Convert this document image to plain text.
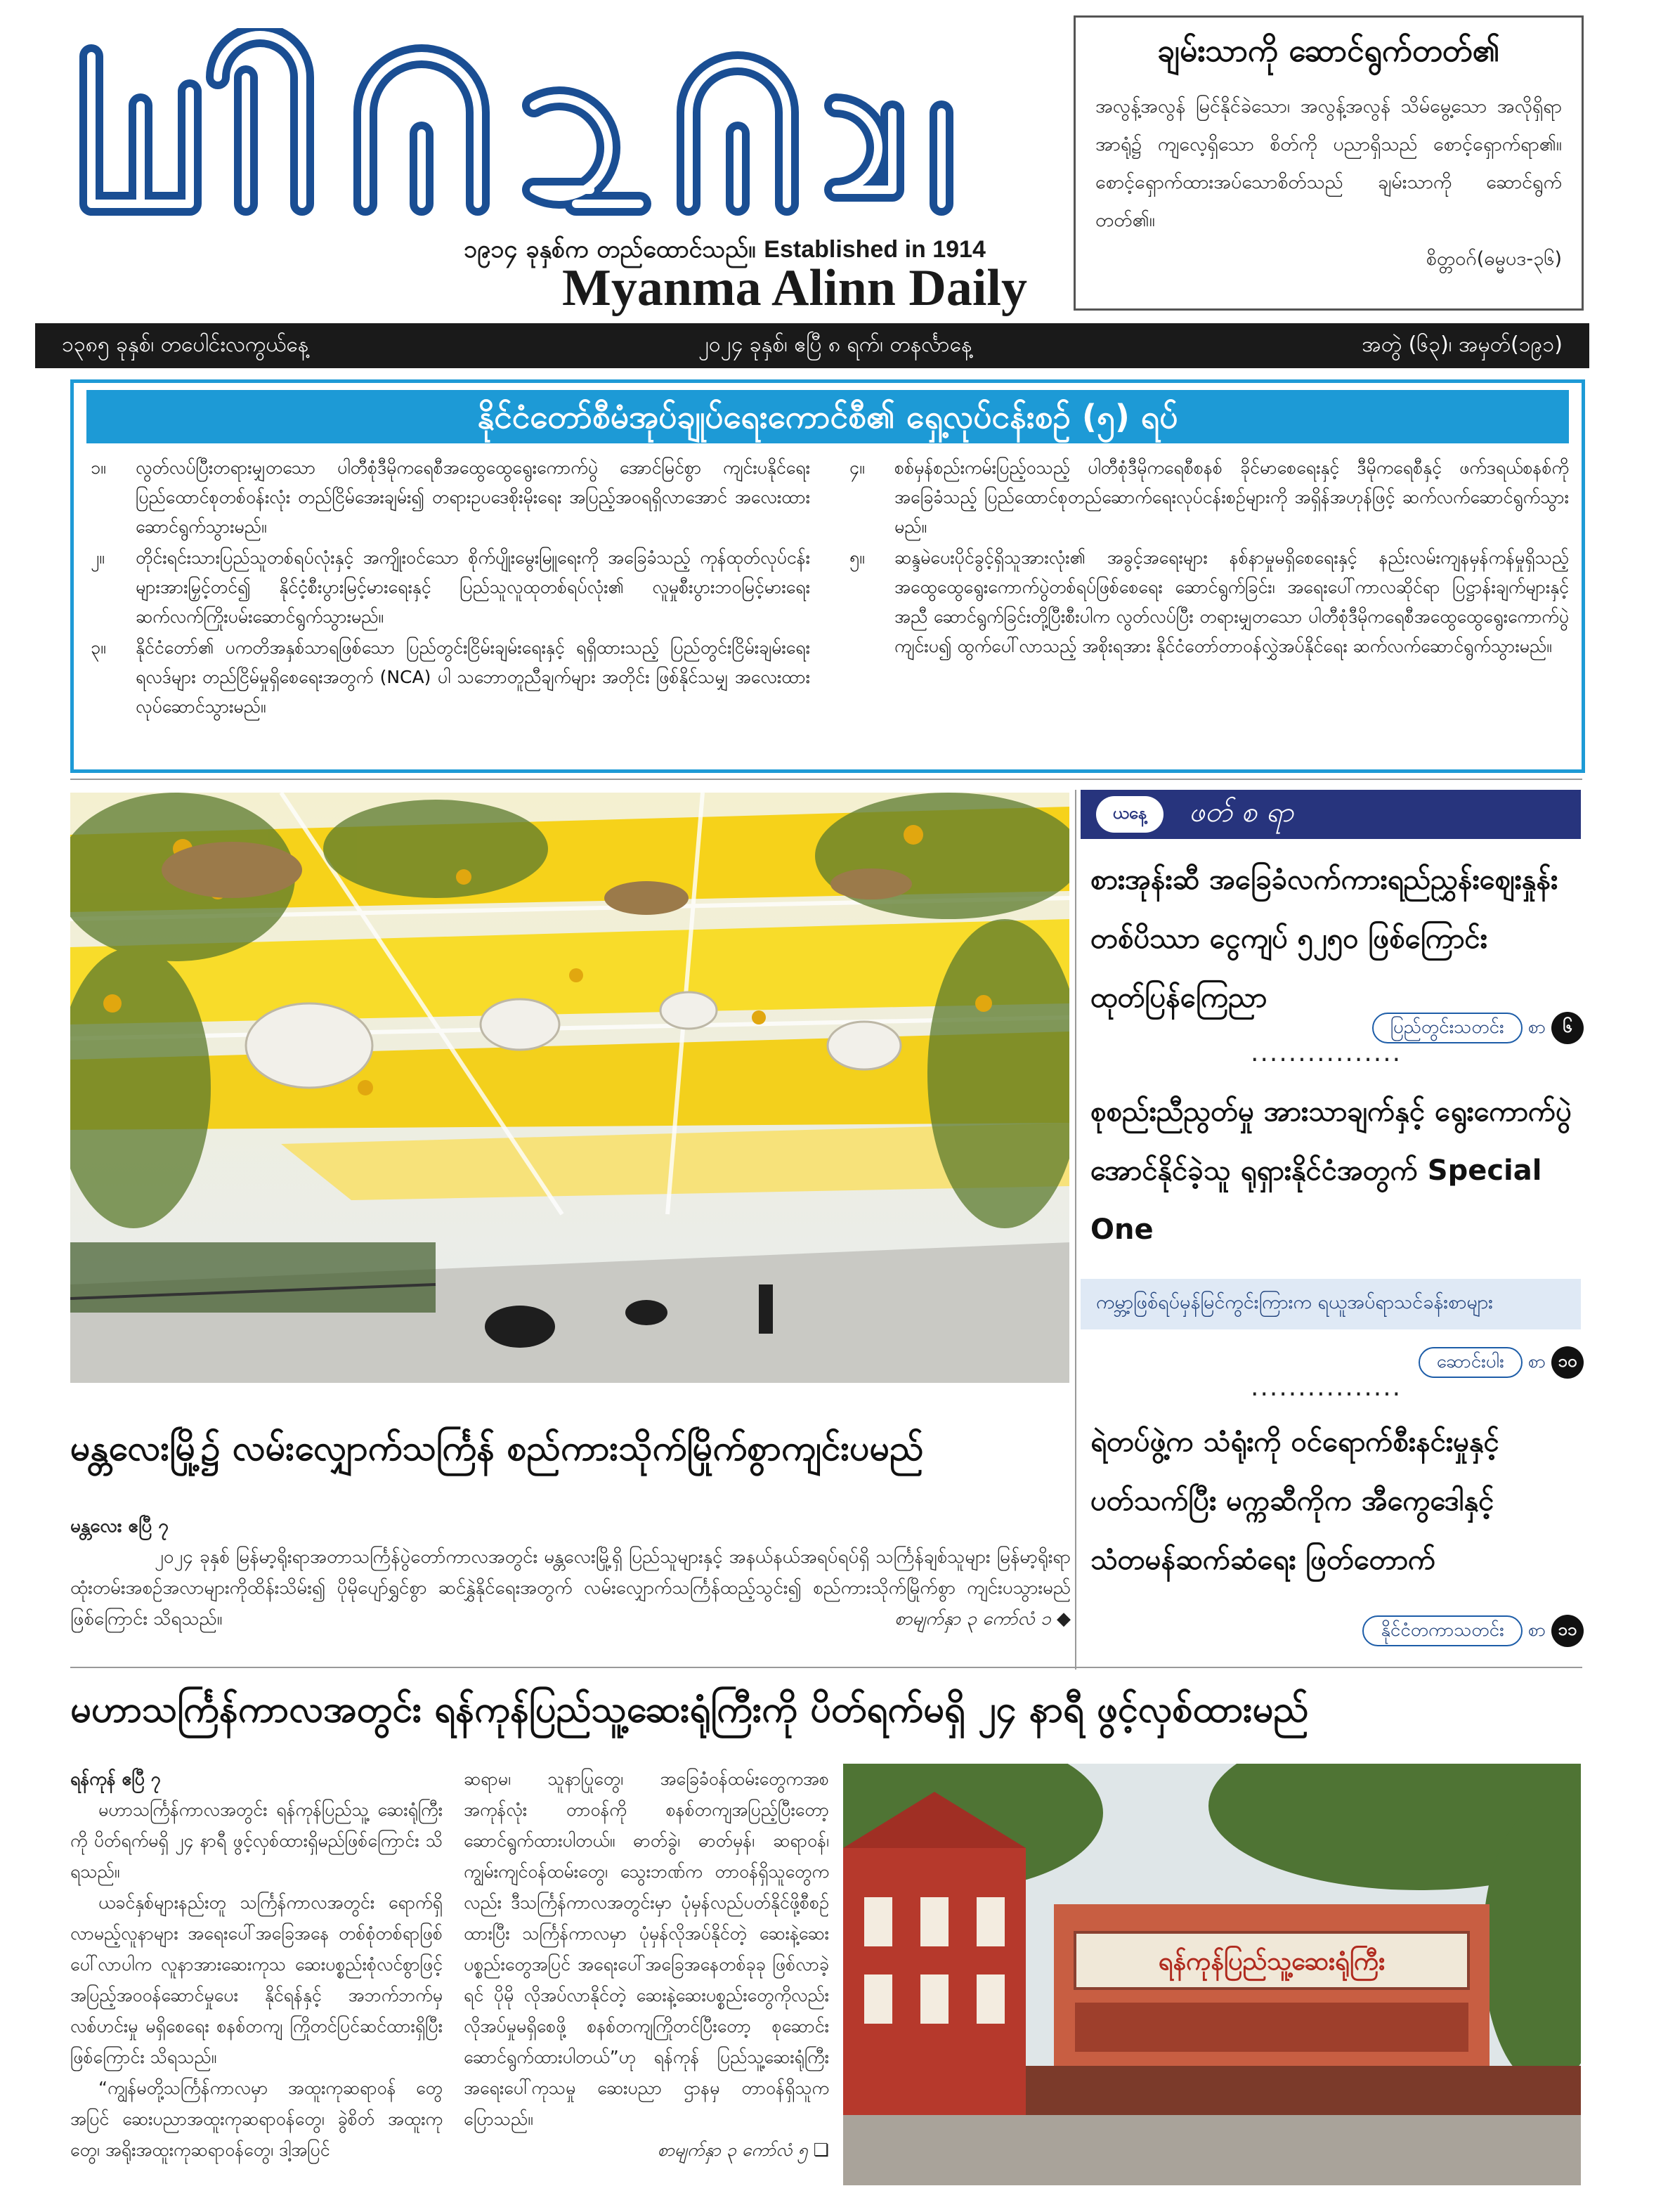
၁၉၁၄ ခုနှစ်က တည်ထောင်သည်။ Established in 1914
Myanma Alinn Daily
ချမ်းသာကို ဆောင်ရွက်တတ်၏
အလွန့်အလွန် မြင်နိုင်ခဲသော၊ အလွန့်အလွန် သိမ်မွေ့သော အလိုရှိရာအာရုံ၌ ကျလေ့ရှိသော စိတ်ကို ပညာရှိသည် စောင့်ရှောက်ရာ၏။ စောင့်ရှောက်ထားအပ်သောစိတ်သည် ချမ်းသာကို ဆောင်ရွက်တတ်၏။
စိတ္တဝဂ်(ဓမ္မပဒ-၃၆)
၁၃၈၅ ခုနှစ်၊ တပေါင်းလကွယ်နေ့	၂၀၂၄ ခုနှစ်၊ ဧပြီ ၈ ရက်၊ တနင်္လာနေ့	အတွဲ (၆၃)၊ အမှတ်(၁၉၁)
နိုင်ငံတော်စီမံအုပ်ချုပ်ရေးကောင်စီ၏ ရှေ့လုပ်ငန်းစဉ် (၅) ရပ်
၁။	လွတ်လပ်ပြီးတရားမျှတသော ပါတီစုံဒီမိုကရေစီအထွေထွေရွေးကောက်ပွဲ အောင်မြင်စွာ ကျင်းပနိုင်ရေး ပြည်ထောင်စုတစ်ဝန်းလုံး တည်ငြိမ်အေးချမ်း၍ တရားဥပဒေစိုးမိုးရေး အပြည့်အဝရရှိလာအောင် အလေးထားဆောင်ရွက်သွားမည်။
၂။	တိုင်းရင်းသားပြည်သူတစ်ရပ်လုံးနှင့် အကျိုးဝင်သော စိုက်ပျိုးမွေးမြူရေးကို အခြေခံသည့် ကုန်ထုတ်လုပ်ငန်းများအားမြှင့်တင်၍ နိုင်ငံ့စီးပွားမြင့်မားရေးနှင့် ပြည်သူလူထုတစ်ရပ်လုံး၏ လူမှုစီးပွားဘဝမြင့်မားရေး ဆက်လက်ကြိုးပမ်းဆောင်ရွက်သွားမည်။
၃။	နိုင်ငံတော်၏ ပကတိအနှစ်သာရဖြစ်သော ပြည်တွင်းငြိမ်းချမ်းရေးနှင့် ရရှိထားသည့် ပြည်တွင်းငြိမ်းချမ်းရေးရလဒ်များ တည်ငြိမ်မှုရှိစေရေးအတွက် (NCA) ပါ သဘောတူညီချက်များ အတိုင်း ဖြစ်နိုင်သမျှ အလေးထားလုပ်ဆောင်သွားမည်။
၄။	စစ်မှန်စည်းကမ်းပြည့်ဝသည့် ပါတီစုံဒီမိုကရေစီစနစ် ခိုင်မာစေရေးနှင့် ဒီမိုကရေစီနှင့် ဖက်ဒရယ်စနစ်ကိုအခြေခံသည့် ပြည်ထောင်စုတည်ဆောက်ရေးလုပ်ငန်းစဉ်များကို အရှိန်အဟုန်ဖြင့် ဆက်လက်ဆောင်ရွက်သွားမည်။
၅။	ဆန္ဒမဲပေးပိုင်ခွင့်ရှိသူအားလုံး၏ အခွင့်အရေးများ နစ်နာမှုမရှိစေရေးနှင့် နည်းလမ်းကျနမှန်ကန်မှုရှိသည့် အထွေထွေရွေးကောက်ပွဲတစ်ရပ်ဖြစ်စေရေး ဆောင်ရွက်ခြင်း၊ အရေးပေါ်ကာလဆိုင်ရာ ပြဋ္ဌာန်းချက်များနှင့်အညီ ဆောင်ရွက်ခြင်းတို့ပြီးစီးပါက လွတ်လပ်ပြီး တရားမျှတသော ပါတီစုံဒီမိုကရေစီအထွေထွေရွေးကောက်ပွဲ ကျင်းပ၍ ထွက်ပေါ်လာသည့် အစိုးရအား နိုင်ငံတော်တာဝန်လွှဲအပ်နိုင်ရေး ဆက်လက်ဆောင်ရွက်သွားမည်။
မန္တလေးမြို့၌ လမ်းလျှောက်သင်္ကြန် စည်ကားသိုက်မြိုက်စွာကျင်းပမည်
မန္တလေး ဧပြီ ၇
၂၀၂၄ ခုနှစ် မြန်မာ့ရိုးရာအတာသင်္ကြန်ပွဲတော်ကာလအတွင်း မန္တလေးမြို့ရှိ ပြည်သူများနှင့် အနယ်နယ်အရပ်ရပ်ရှိ သင်္ကြန်ချစ်သူများ မြန်မာ့ရိုးရာ ထုံးတမ်းအစဉ်အလာများကိုထိန်းသိမ်း၍ ပိုမိုပျော်ရွှင်စွာ ဆင်နွှဲနိုင်ရေးအတွက် လမ်းလျှောက်သင်္ကြန်ထည့်သွင်း၍ စည်ကားသိုက်မြိုက်စွာ ကျင်းပသွားမည်ဖြစ်ကြောင်း သိရသည်။	စာမျက်နှာ ၃ ကော်လံ ၁ ◆
ယနေ့	ဖတ် စ ရာ
စားအုန်းဆီ အခြေခံလက်ကားရည်ညွှန်းဈေးနှုန်း တစ်ပိဿာ ငွေကျပ် ၅၂၅၀ ဖြစ်ကြောင်း ထုတ်ပြန်ကြေညာ
ပြည်တွင်းသတင်း	စာ	၆
................
စုစည်းညီညွတ်မှု အားသာချက်နှင့် ရွေးကောက်ပွဲအောင်နိုင်ခဲ့သူ ရုရှားနိုင်ငံအတွက် Special One
ကမ္ဘာ့ဖြစ်ရပ်မှန်မြင်ကွင်းကြားက ရယူအပ်ရာသင်ခန်းစာများ
ဆောင်းပါး	စာ ၁၀
................
ရဲတပ်ဖွဲ့က သံရုံးကို ဝင်ရောက်စီးနင်းမှုနှင့်ပတ်သက်ပြီး မက္ကဆီကိုက အီကွေဒေါနှင့် သံတမန်ဆက်ဆံရေး ဖြတ်တောက်
နိုင်ငံတကာသတင်း	စာ ၁၁
မဟာသင်္ကြန်ကာလအတွင်း ရန်ကုန်ပြည်သူ့ဆေးရုံကြီးကို ပိတ်ရက်မရှိ ၂၄ နာရီ ဖွင့်လှစ်ထားမည်

ရန်ကုန် ဧပြီ ၇

မဟာသင်္ကြန်ကာလအတွင်း ရန်ကုန်ပြည်သူ့ ဆေးရုံကြီးကို ပိတ်ရက်မရှိ ၂၄ နာရီ ဖွင့်လှစ်ထားရှိမည်ဖြစ်ကြောင်း သိရသည်။

ယခင်နှစ်များနည်းတူ သင်္ကြန်ကာလအတွင်း ရောက်ရှိလာမည့်လူနာများ အရေးပေါ်အခြေအနေ တစ်စုံတစ်ရာဖြစ်ပေါ်လာပါက လူနာအားဆေးကုသ ဆေးပစ္စည်းစုံလင်စွာဖြင့် အပြည့်အဝဝန်ဆောင်မှုပေး နိုင်ရန်နှင့် အဘက်ဘက်မှ လစ်ဟင်းမှု မရှိစေရေး စနစ်တကျ ကြိုတင်ပြင်ဆင်ထားရှိပြီးဖြစ်ကြောင်း သိရသည်။

“ကျွန်မတို့သင်္ကြန်ကာလမှာ အထူးကုဆရာဝန် တွေအပြင် ဆေးပညာအထူးကုဆရာဝန်တွေ၊ ခွဲစိတ် အထူးကုတွေ၊ အရိုးအထူးကုဆရာဝန်တွေ၊ ဒါ့အပြင်

ဆရာမ၊ သူနာပြုတွေ၊ အခြေခံဝန်ထမ်းတွေကအစ အကုန်လုံး တာဝန်ကို စနစ်တကျအပြည့်ပြီးတော့ ဆောင်ရွက်ထားပါတယ်။ ဓာတ်ခွဲ၊ ဓာတ်မှန်၊ ဆရာဝန်၊ ကျွမ်းကျင်ဝန်ထမ်းတွေ၊ သွေးဘဏ်က တာဝန်ရှိသူတွေကလည်း ဒီသင်္ကြန်ကာလအတွင်းမှာ ပုံမှန်လည်ပတ်နိုင်ဖို့စီစဉ်ထားပြီး သင်္ကြန်ကာလမှာ ပုံမှန်လိုအပ်နိုင်တဲ့ ဆေးနဲ့ဆေးပစ္စည်းတွေအပြင် အရေးပေါ်အခြေအနေတစ်ခုခု ဖြစ်လာခဲ့ရင် ပိုမို လိုအပ်လာနိုင်တဲ့ ဆေးနဲ့ဆေးပစ္စည်းတွေကိုလည်း လိုအပ်မှုမရှိစေဖို့ စနစ်တကျကြိုတင်ပြီးတော့ စုဆောင်းဆောင်ရွက်ထားပါတယ်”ဟု ရန်ကုန် ပြည်သူ့ဆေးရုံကြီး အရေးပေါ်ကုသမှု ဆေးပညာ ဌာနမှ တာဝန်ရှိသူက ပြောသည်။

စာမျက်နှာ ၃ ကော်လံ ၅ ❏

ရန်ကုန်ပြည်သူ့ဆေးရုံကြီး
